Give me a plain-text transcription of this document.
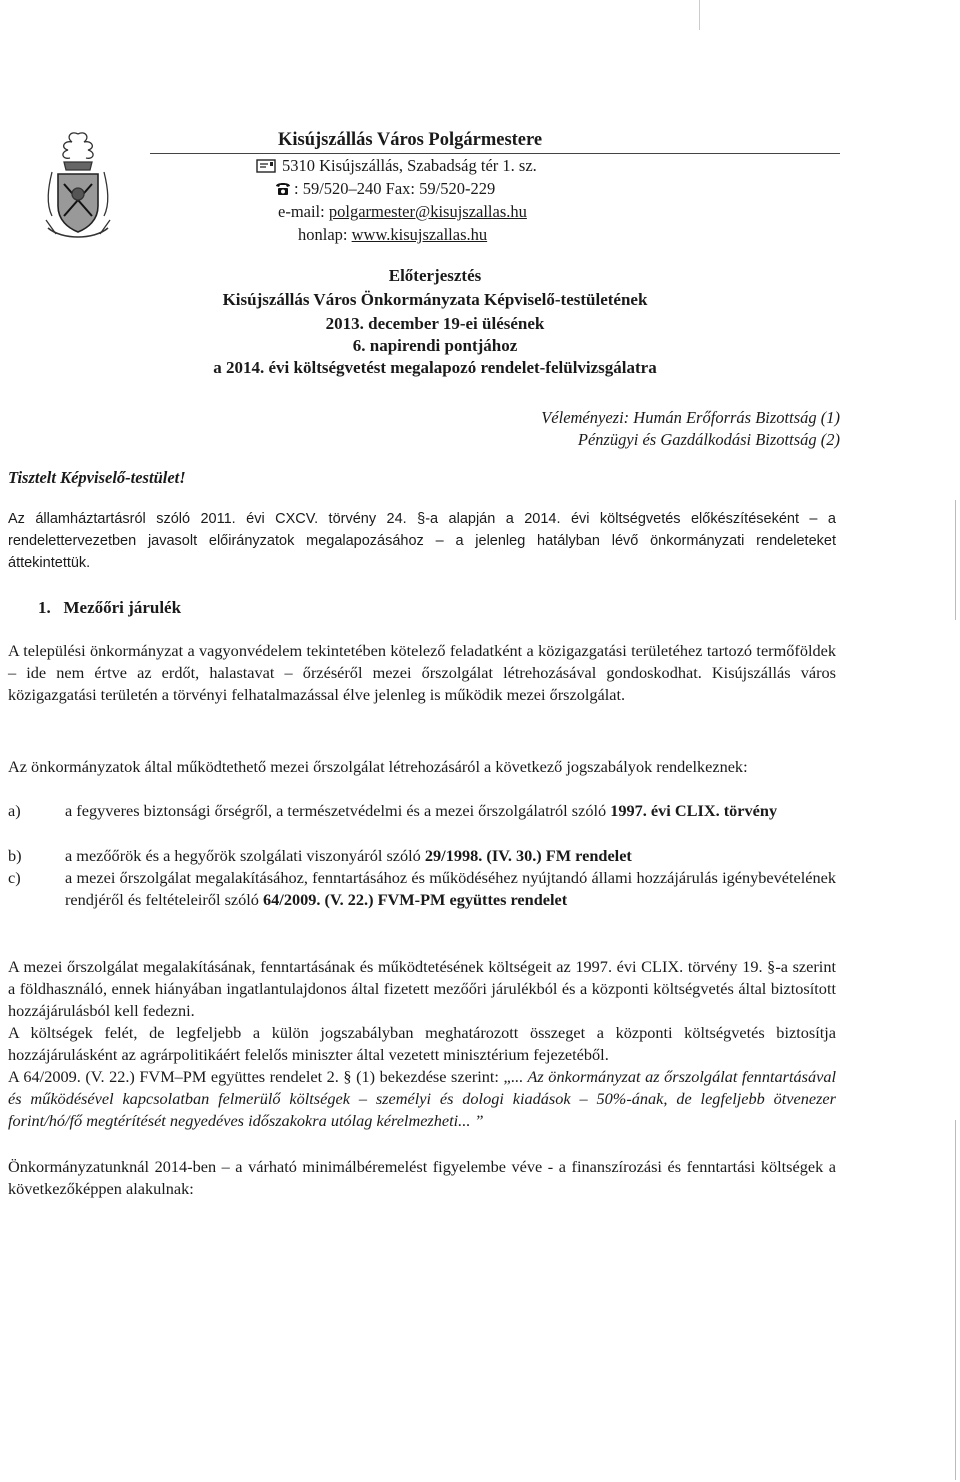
Kisújszállás Város Polgármestere
5310 Kisújszállás, Szabadság tér 1. sz.
: 59/520–240 Fax: 59/520-229
e-mail: polgarmester@kisujszallas.hu
honlap: www.kisujszallas.hu
Előterjesztés
Kisújszállás Város Önkormányzata Képviselő-testületének
2013. december 19-ei ülésének
6. napirendi pontjához
a 2014. évi költségvetést megalapozó rendelet-felülvizsgálatra
Véleményezi: Humán Erőforrás Bizottság (1)
Pénzügyi és Gazdálkodási Bizottság (2)
Tisztelt Képviselő-testület!
Az államháztartásról szóló 2011. évi CXCV. törvény 24. §-a alapján a 2014. évi költségvetés előkészítéseként – a rendelettervezetben javasolt előirányzatok megalapozásához – a jelenleg hatályban lévő önkormányzati rendeleteket áttekintettük.
1. Mezőőri járulék
A települési önkormányzat a vagyonvédelem tekintetében kötelező feladatként a közigazgatási területéhez tartozó termőföldek – ide nem értve az erdőt, halastavat – őrzéséről mezei őrszolgálat létrehozásával gondoskodhat. Kisújszállás város közigazgatási területén a törvényi felhatalmazással élve jelenleg is működik mezei őrszolgálat.
Az önkormányzatok által működtethető mezei őrszolgálat létrehozásáról a következő jogszabályok rendelkeznek:
a)	a fegyveres biztonsági őrségről, a természetvédelmi és a mezei őrszolgálatról szóló 1997. évi CLIX. törvény
b)	a mezőőrök és a hegyőrök szolgálati viszonyáról szóló 29/1998. (IV. 30.) FM rendelet
c)	a mezei őrszolgálat megalakításához, fenntartásához és működéséhez nyújtandó állami hozzájárulás igénybevételének rendjéről és feltételeiről szóló 64/2009. (V. 22.) FVM-PM együttes rendelet
A mezei őrszolgálat megalakításának, fenntartásának és működtetésének költségeit az 1997. évi CLIX. törvény 19. §-a szerint a földhasználó, ennek hiányában ingatlantulajdonos által fizetett mezőőri járulékból és a központi költségvetés által biztosított hozzájárulásból kell fedezni.
A költségek felét, de legfeljebb a külön jogszabályban meghatározott összeget a központi költségvetés biztosítja hozzájárulásként az agrárpolitikáért felelős miniszter által vezetett minisztérium fejezetéből.
A 64/2009. (V. 22.) FVM–PM együttes rendelet 2. § (1) bekezdése szerint: „... Az önkormányzat az őrszolgálat fenntartásával és működésével kapcsolatban felmerülő költségek – személyi és dologi kiadások – 50%-ának, de legfeljebb ötvenezer forint/hó/fő megtérítését negyedéves időszakokra utólag kérelmezheti... ”
Önkormányzatunknál 2014-ben – a várható minimálbéremelést figyelembe véve - a finanszírozási és fenntartási költségek a következőképpen alakulnak:
